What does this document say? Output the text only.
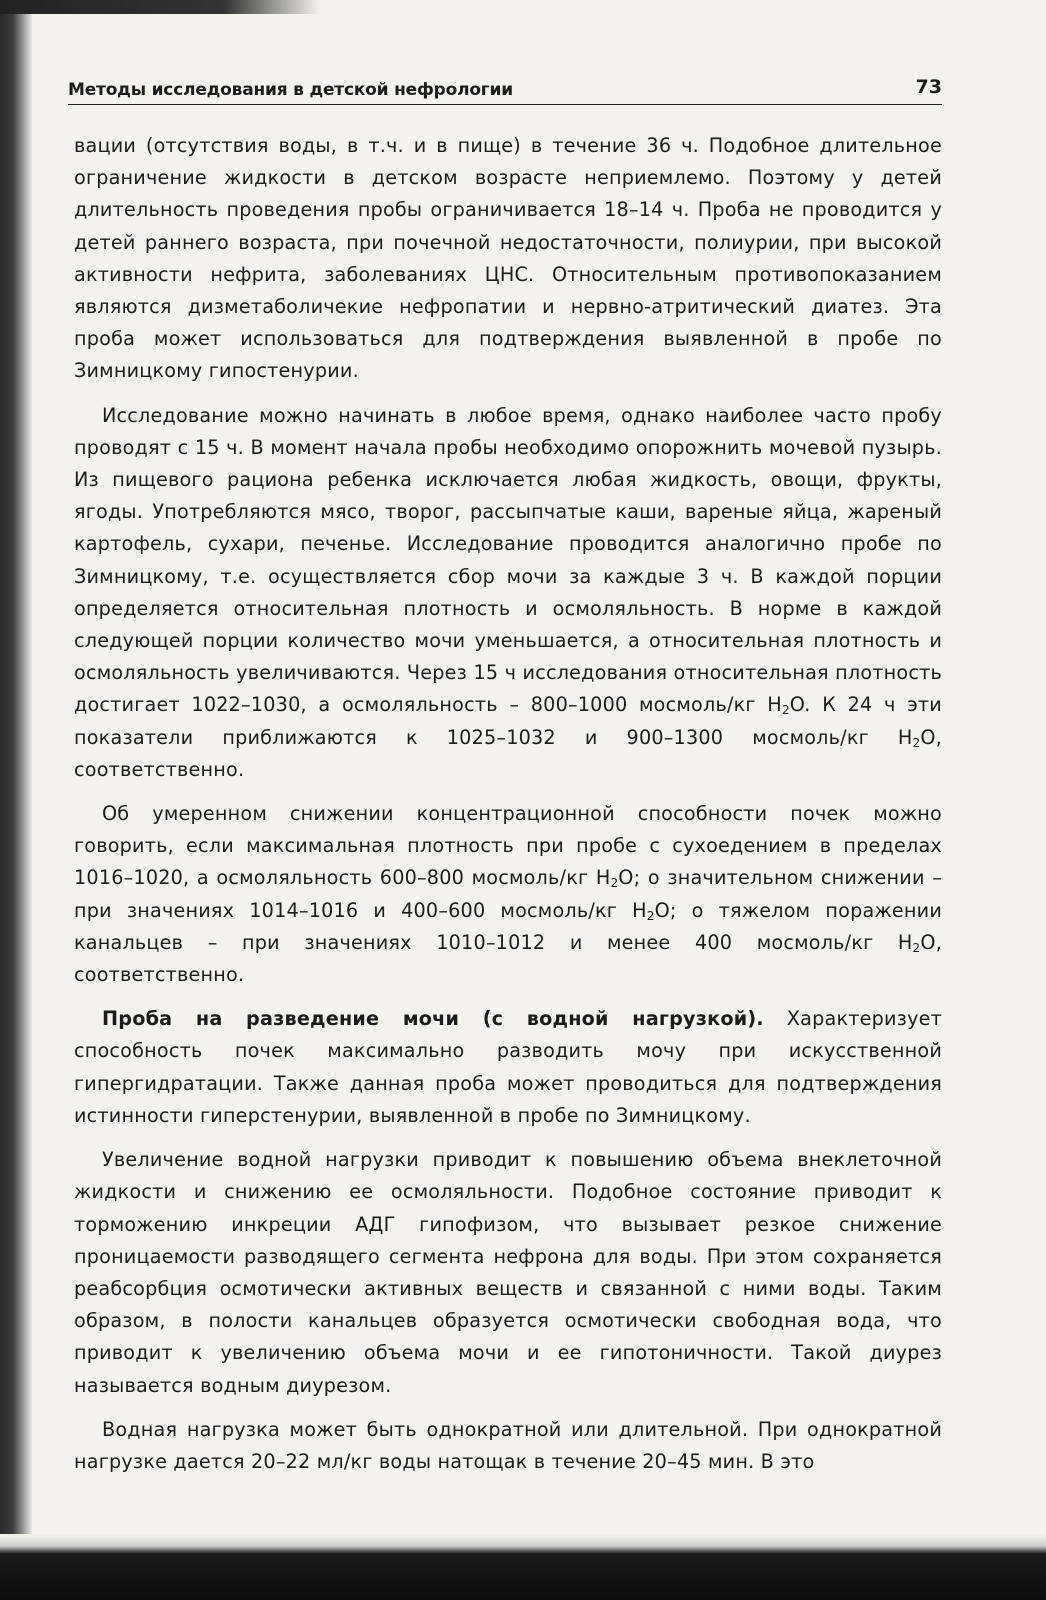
Методы исследования в детской нефрологии	73

вации (отсутствия воды, в т.ч. и в пище) в течение 36 ч. Подобное длительное ограничение жидкости в детском возрасте неприемлемо. Поэтому у детей длительность проведения пробы ограничивается 18–14 ч. Проба не проводится у детей раннего возраста, при почечной недостаточности, полиурии, при высокой активности нефрита, заболеваниях ЦНС. Относительным противопоказанием являются дизметаболичекие нефропатии и нервно-атритический диатез. Эта проба может использоваться для подтверждения выявленной в пробе по Зимницкому гипостенурии.

Исследование можно начинать в любое время, однако наиболее часто пробу проводят с 15 ч. В момент начала пробы необходимо опорожнить мочевой пузырь. Из пищевого рациона ребенка исключается любая жидкость, овощи, фрукты, ягоды. Употребляются мясо, творог, рассыпчатые каши, вареные яйца, жареный картофель, сухари, печенье. Исследование проводится аналогично пробе по Зимницкому, т.е. осуществляется сбор мочи за каждые 3 ч. В каждой порции определяется относительная плотность и осмоляльность. В норме в каждой следующей порции количество мочи уменьшается, а относительная плотность и осмоляльность увеличиваются. Через 15 ч исследования относительная плотность достигает 1022–1030, а осмоляльность – 800–1000 мосмоль/кг $H_2O$. К 24 ч эти показатели приближаются к 1025–1032 и 900–1300 мосмоль/кг $H_2O$, соответственно.

Об умеренном снижении концентрационной способности почек можно говорить, если максимальная плотность при пробе с сухоедением в пределах 1016–1020, а осмоляльность 600–800 мосмоль/кг $H_2O$; о значительном снижении – при значениях 1014–1016 и 400–600 мосмоль/кг $H_2O$; о тяжелом поражении канальцев – при значениях 1010–1012 и менее 400 мосмоль/кг $H_2O$, соответственно.

Проба на разведение мочи (с водной нагрузкой). Характеризует способность почек максимально разводить мочу при искусственной гипергидратации. Также данная проба может проводиться для подтверждения истинности гиперстенурии, выявленной в пробе по Зимницкому.

Увеличение водной нагрузки приводит к повышению объема внеклеточной жидкости и снижению ее осмоляльности. Подобное состояние приводит к торможению инкреции АДГ гипофизом, что вызывает резкое снижение проницаемости разводящего сегмента нефрона для воды. При этом сохраняется реабсорбция осмотически активных веществ и связанной с ними воды. Таким образом, в полости канальцев образуется осмотически свободная вода, что приводит к увеличению объема мочи и ее гипотоничности. Такой диурез называется водным диурезом.

Водная нагрузка может быть однократной или длительной. При однократной нагрузке дается 20–22 мл/кг воды натощак в течение 20–45 мин. В это
